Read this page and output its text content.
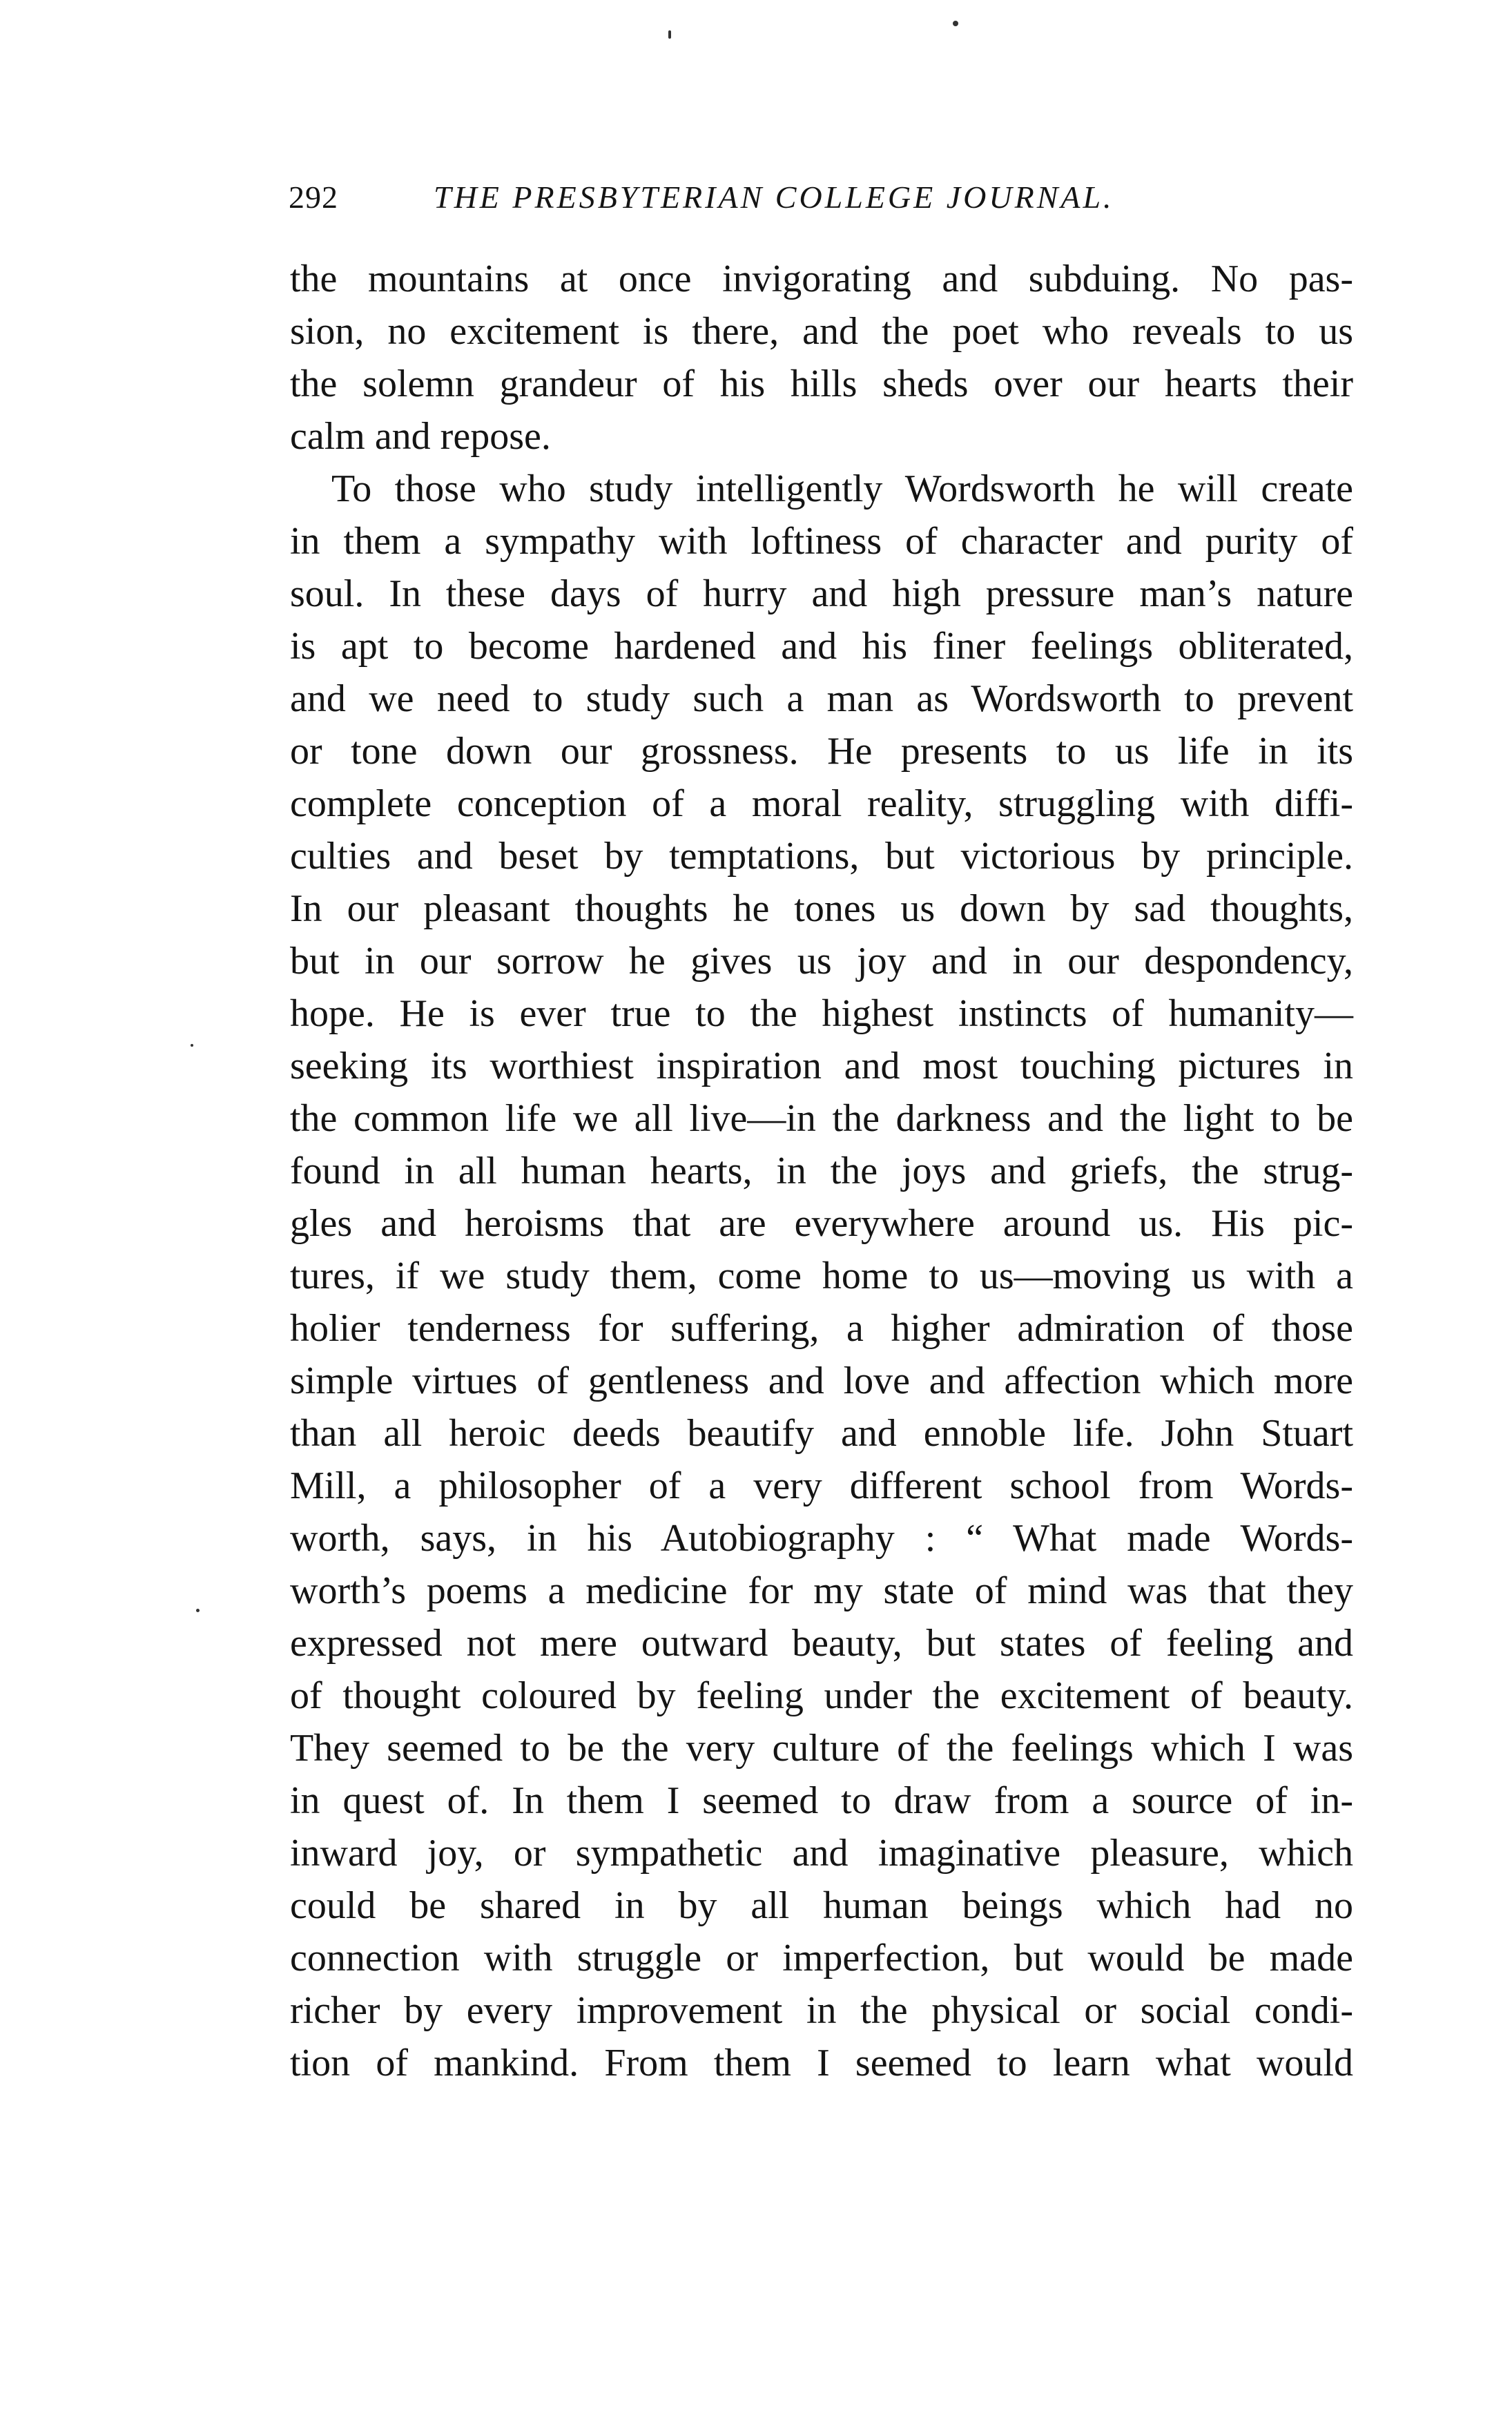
292	THE PRESBYTERIAN COLLEGE JOURNAL.
the mountains at once invigorating and subduing. No pas-
sion, no excitement is there, and the poet who reveals to us
the solemn grandeur of his hills sheds over our hearts their
calm and repose.
To those who study intelligently Wordsworth he will create
in them a sympathy with loftiness of character and purity of
soul. In these days of hurry and high pressure man’s nature
is apt to become hardened and his finer feelings obliterated,
and we need to study such a man as Wordsworth to prevent
or tone down our grossness. He presents to us life in its
complete conception of a moral reality, struggling with diffi-
culties and beset by temptations, but victorious by principle.
In our pleasant thoughts he tones us down by sad thoughts,
but in our sorrow he gives us joy and in our despondency,
hope. He is ever true to the highest instincts of humanity—
seeking its worthiest inspiration and most touching pictures in
the common life we all live—in the darkness and the light to be
found in all human hearts, in the joys and griefs, the strug-
gles and heroisms that are everywhere around us. His pic-
tures, if we study them, come home to us—moving us with a
holier tenderness for suffering, a higher admiration of those
simple virtues of gentleness and love and affection which more
than all heroic deeds beautify and ennoble life. John Stuart
Mill, a philosopher of a very different school from Words-
worth, says, in his Autobiography : “ What made Words-
worth’s poems a medicine for my state of mind was that they
expressed not mere outward beauty, but states of feeling and
of thought coloured by feeling under the excitement of beauty.
They seemed to be the very culture of the feelings which I was
in quest of. In them I seemed to draw from a source of in-
inward joy, or sympathetic and imaginative pleasure, which
could be shared in by all human beings which had no
connection with struggle or imperfection, but would be made
richer by every improvement in the physical or social condi-
tion of mankind. From them I seemed to learn what would
